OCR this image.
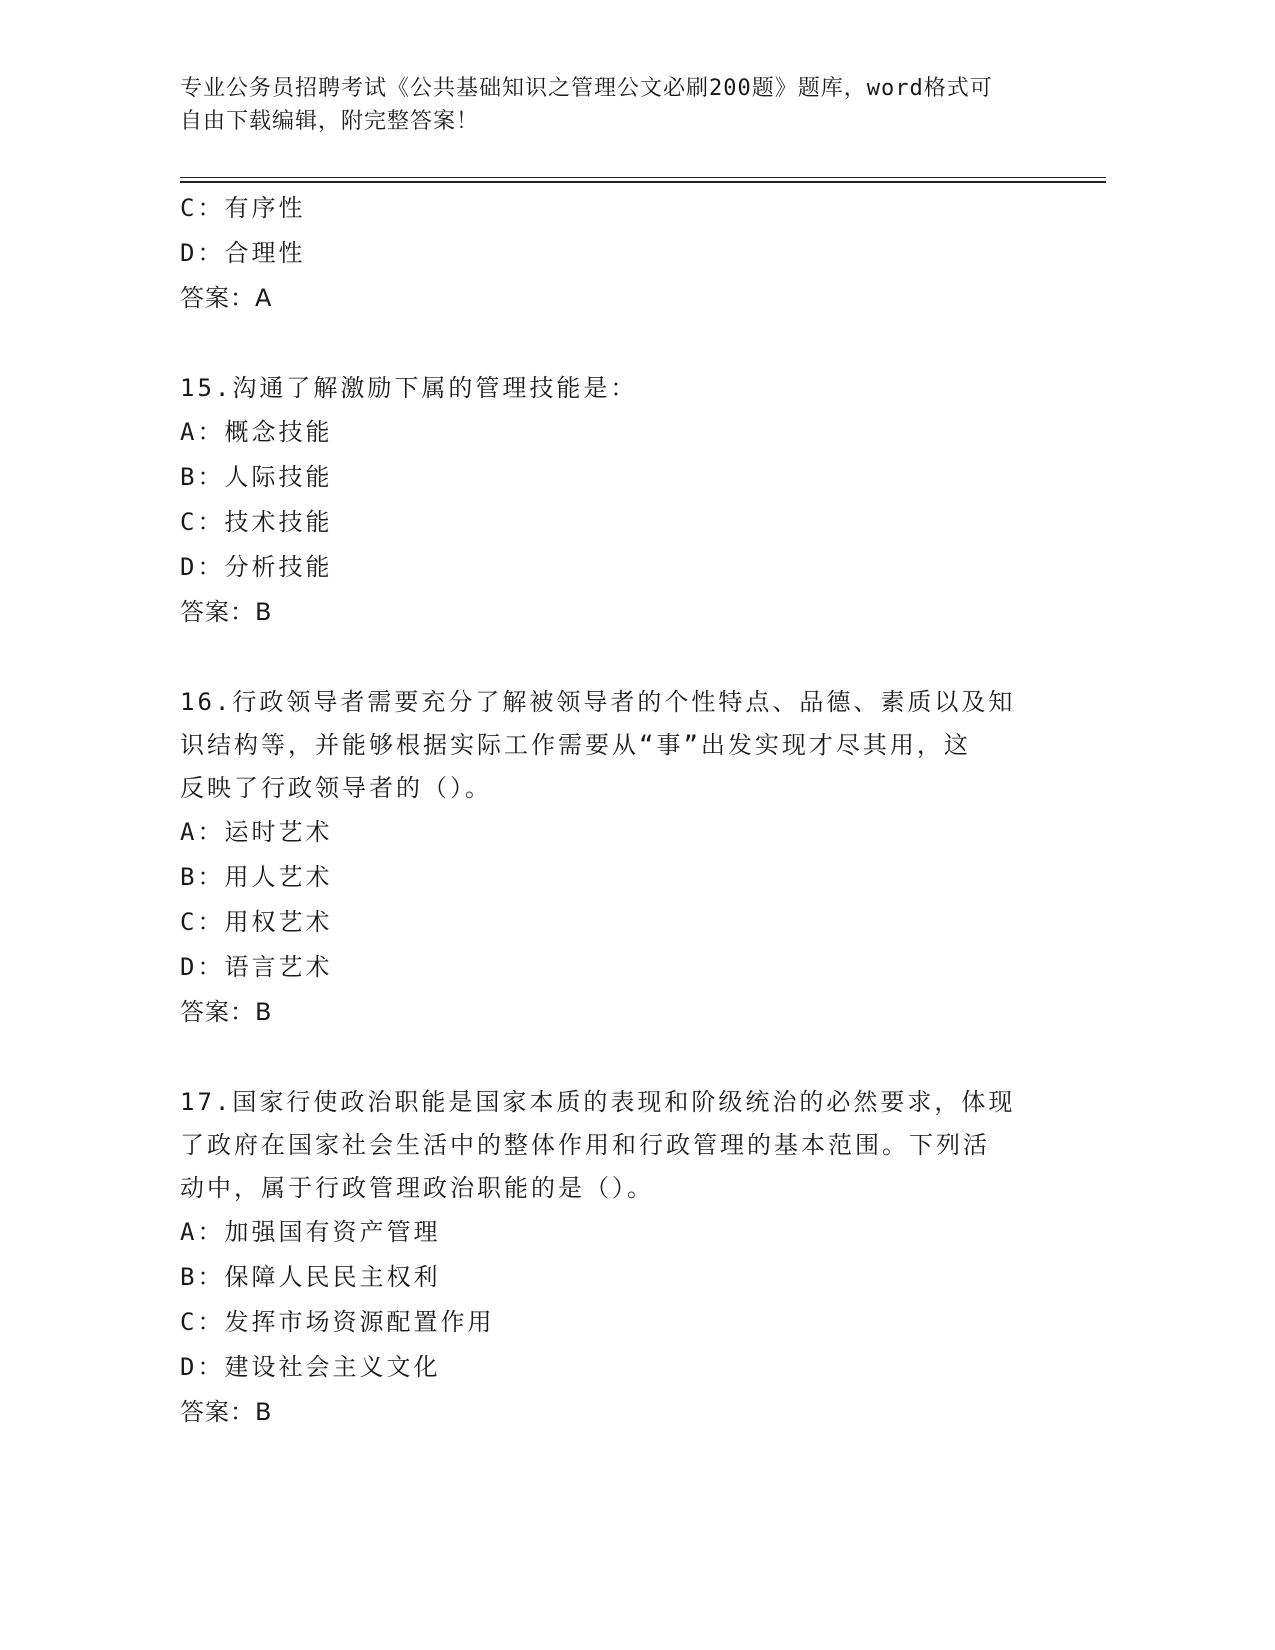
专业公务员招聘考试《公共基础知识之管理公文必刷200题》题库，word格式可
自由下载编辑，附完整答案！
C：有序性
D：合理性
答案：A
15.沟通了解激励下属的管理技能是：
A：概念技能
B：人际技能
C：技术技能
D：分析技能
答案：B
16.行政领导者需要充分了解被领导者的个性特点、品德、素质以及知
识结构等，并能够根据实际工作需要从“事”出发实现才尽其用，这
反映了行政领导者的（）。
A：运时艺术
B：用人艺术
C：用权艺术
D：语言艺术
答案：B
17.国家行使政治职能是国家本质的表现和阶级统治的必然要求，体现
了政府在国家社会生活中的整体作用和行政管理的基本范围。下列活
动中，属于行政管理政治职能的是（）。
A：加强国有资产管理
B：保障人民民主权利
C：发挥市场资源配置作用
D：建设社会主义文化
答案：B
